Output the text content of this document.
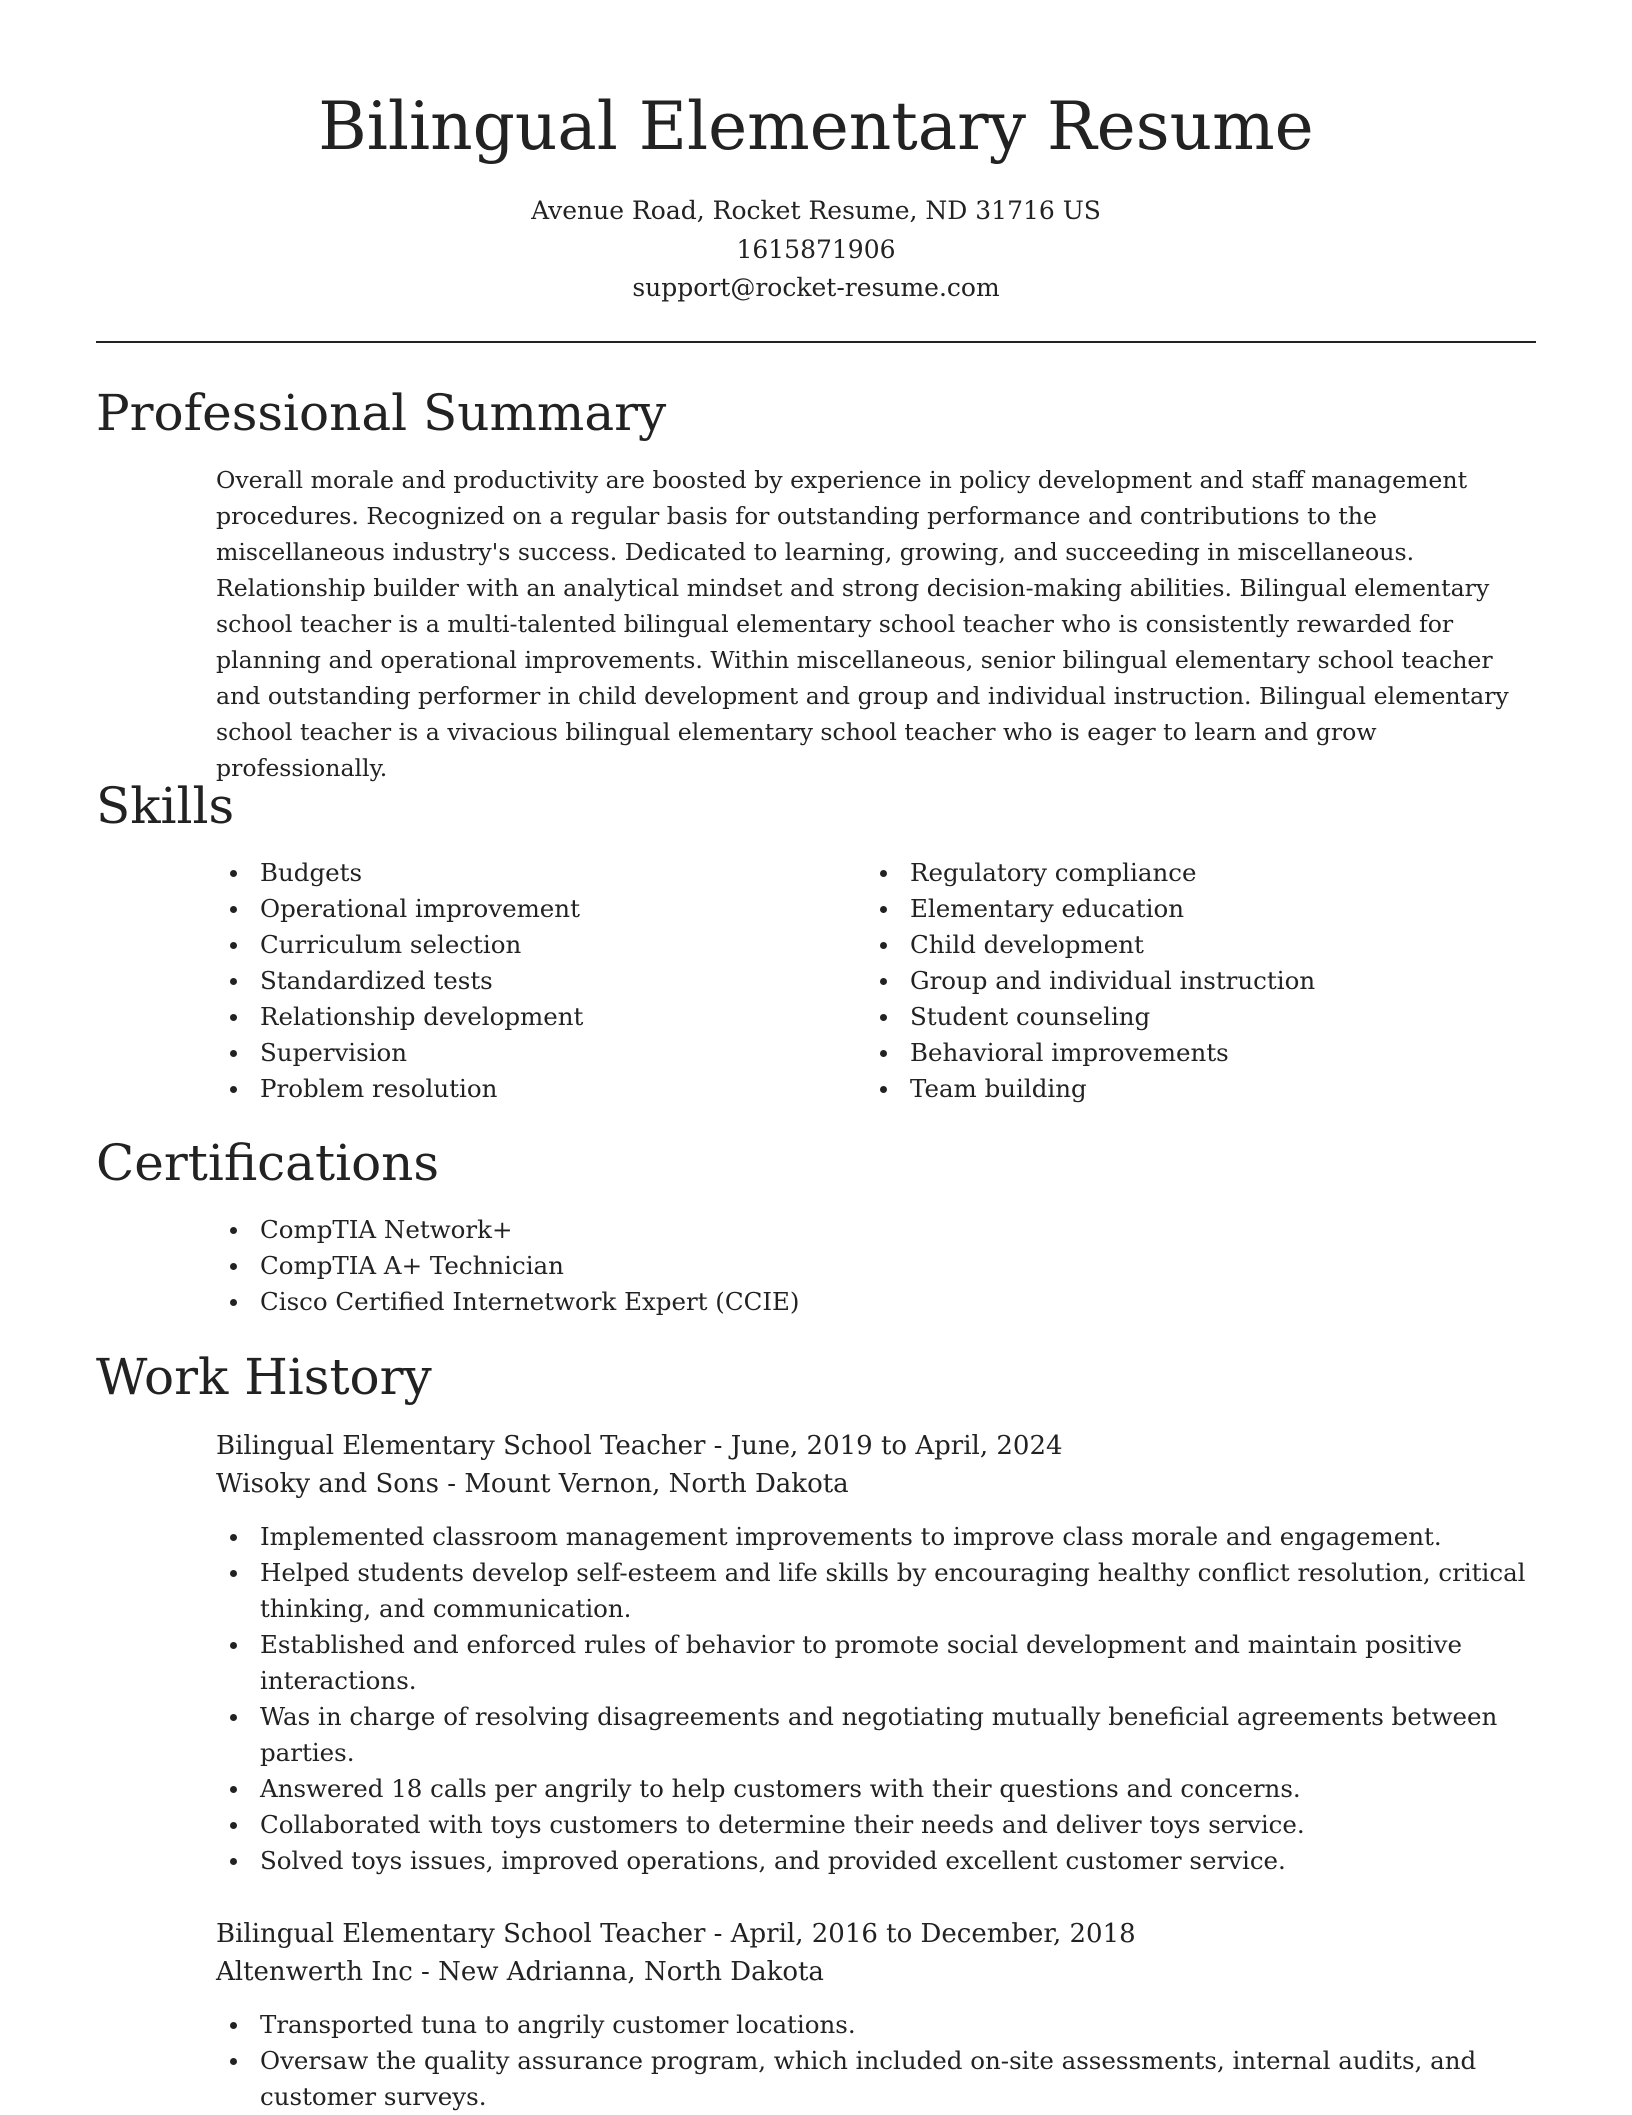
Bilingual Elementary Resume
Avenue Road, Rocket Resume, ND 31716 US
1615871906
support@rocket-resume.com
Professional Summary

Overall morale and productivity are boosted by experience in policy development and staff management procedures. Recognized on a regular basis for outstanding performance and contributions to the miscellaneous industry's success. Dedicated to learning, growing, and succeeding in miscellaneous. Relationship builder with an analytical mindset and strong decision-making abilities. Bilingual elementary school teacher is a multi-talented bilingual elementary school teacher who is consistently rewarded for planning and operational improvements. Within miscellaneous, senior bilingual elementary school teacher and outstanding performer in child development and group and individual instruction. Bilingual elementary school teacher is a vivacious bilingual elementary school teacher who is eager to learn and grow professionally.

Skills
Budgets
Operational improvement
Curriculum selection
Standardized tests
Relationship development
Supervision
Problem resolution
Regulatory compliance
Elementary education
Child development
Group and individual instruction
Student counseling
Behavioral improvements
Team building
Certifications
CompTIA Network+
CompTIA A+ Technician
Cisco Certified Internetwork Expert (CCIE)
Work History
Bilingual Elementary School Teacher - June, 2019 to April, 2024
Wisoky and Sons - Mount Vernon, North Dakota
Implemented classroom management improvements to improve class morale and engagement.
Helped students develop self-esteem and life skills by encouraging healthy conflict resolution, critical thinking, and communication.
Established and enforced rules of behavior to promote social development and maintain positive interactions.
Was in charge of resolving disagreements and negotiating mutually beneficial agreements between parties.
Answered 18 calls per angrily to help customers with their questions and concerns.
Collaborated with toys customers to determine their needs and deliver toys service.
Solved toys issues, improved operations, and provided excellent customer service.
Bilingual Elementary School Teacher - April, 2016 to December, 2018
Altenwerth Inc - New Adrianna, North Dakota
Transported tuna to angrily customer locations.
Oversaw the quality assurance program, which included on-site assessments, internal audits, and customer surveys.
